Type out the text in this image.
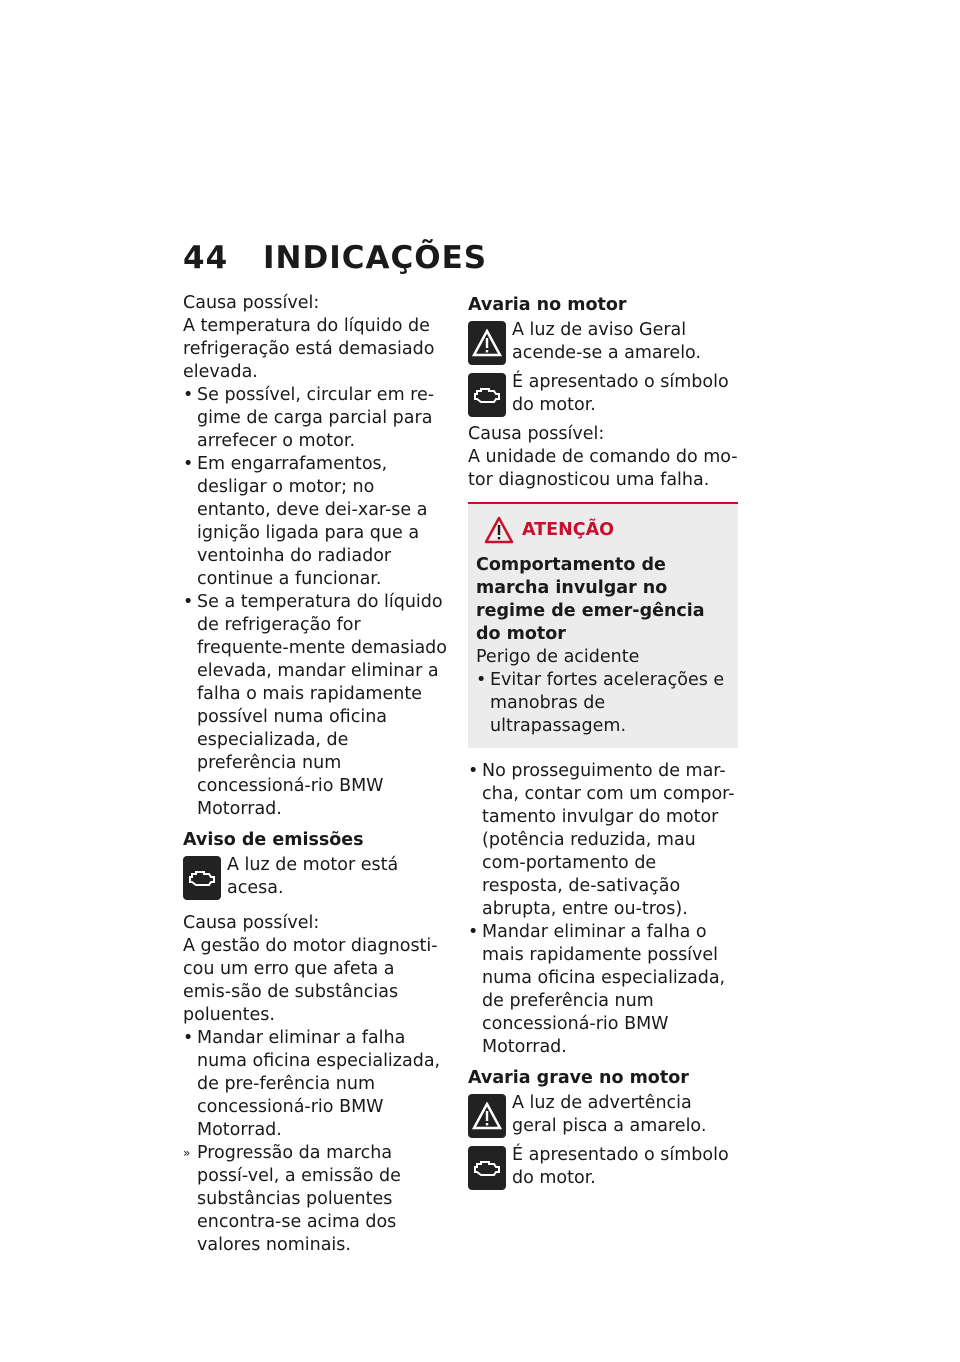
44 INDICAÇÕES

Causa possível:

A temperatura do líquido de refrigeração está demasiado elevada.

• Se possível, circular em re-gime de carga parcial para arrefecer o motor.
• Em engarrafamentos, desligar o motor; no entanto, deve dei-xar-se a ignição ligada para que a ventoinha do radiador continue a funcionar.
• Se a temperatura do líquido de refrigeração for frequente-mente demasiado elevada, mandar eliminar a falha o mais rapidamente possível numa oficina especializada, de preferência num concessioná-rio BMW Motorrad.

Aviso de emissões

A luz de motor está acesa.

Causa possível:

A gestão do motor diagnosti-cou um erro que afeta a emis-são de substâncias poluentes.

• Mandar eliminar a falha numa oficina especializada, de pre-ferência num concessioná-rio BMW Motorrad.
» Progressão da marcha possí-vel, a emissão de substâncias poluentes encontra-se acima dos valores nominais.

Avaria no motor

A luz de aviso Geral acende-se a amarelo.
É apresentado o símbolo do motor.

Causa possível:

A unidade de comando do mo-tor diagnosticou uma falha.

ATENÇÃO

Comportamento de marcha invulgar no regime de emer-gência do motor

Perigo de acidente

• Evitar fortes acelerações e manobras de ultrapassagem.
• No prosseguimento de mar-cha, contar com um compor-tamento invulgar do motor (potência reduzida, mau com-portamento de resposta, de-sativação abrupta, entre ou-tros).
• Mandar eliminar a falha o mais rapidamente possível numa oficina especializada, de preferência num concessioná-rio BMW Motorrad.

Avaria grave no motor

A luz de advertência geral pisca a amarelo.
É apresentado o símbolo do motor.
